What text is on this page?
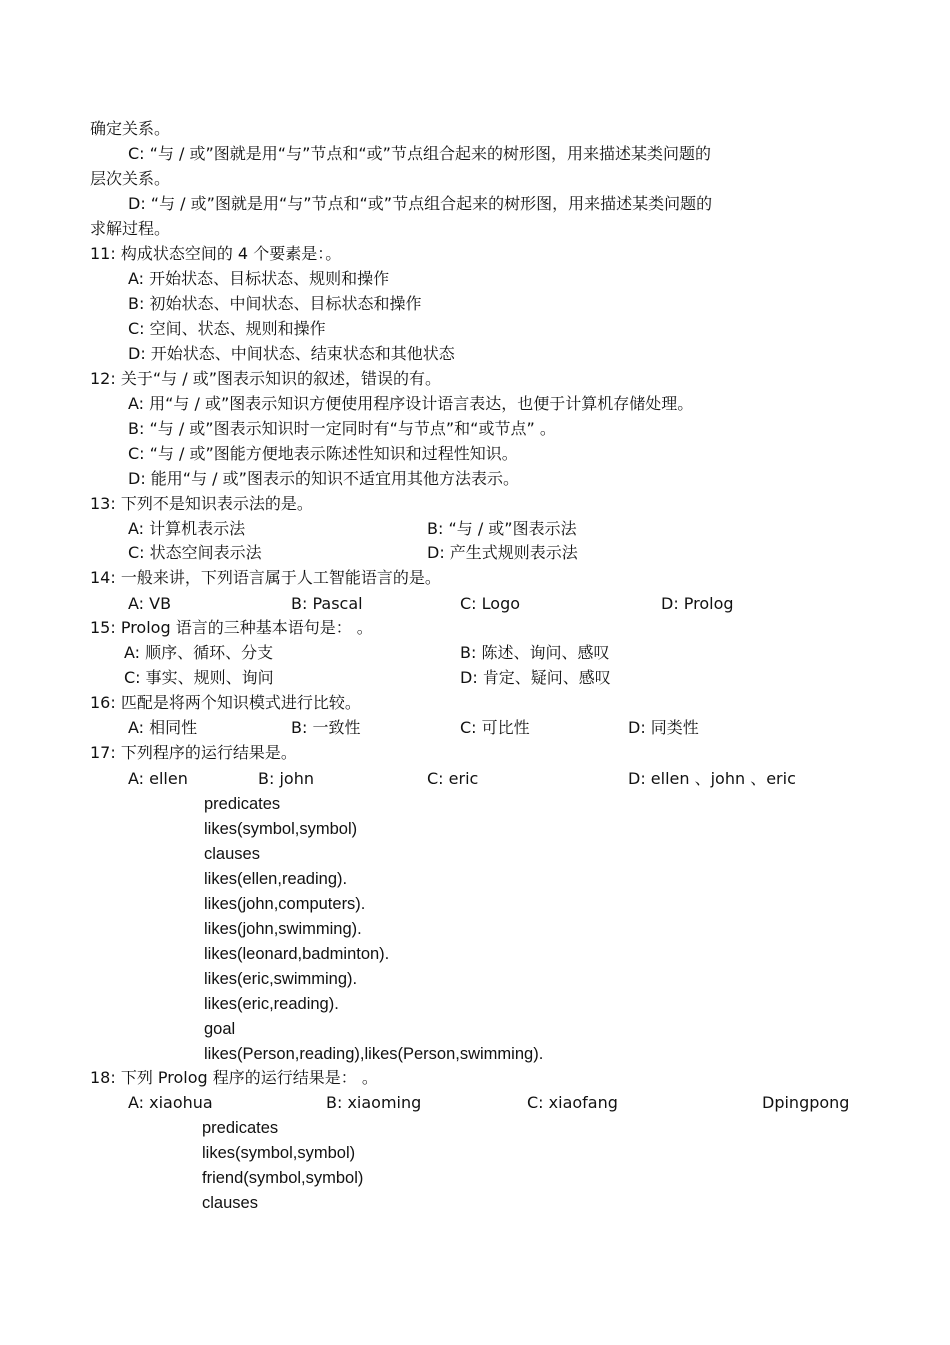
确定关系。
C: “与 / 或”图就是用“与”节点和“或”节点组合起来的树形图，用来描述某类问题的
层次关系。
D: “与 / 或”图就是用“与”节点和“或”节点组合起来的树形图，用来描述某类问题的
求解过程。
11: 构成状态空间的 4 个要素是：。
A: 开始状态、目标状态、规则和操作
B: 初始状态、中间状态、目标状态和操作
C: 空间、状态、规则和操作
D: 开始状态、中间状态、结束状态和其他状态
12: 关于“与 / 或”图表示知识的叙述，错误的有。
A: 用“与 / 或”图表示知识方便使用程序设计语言表达，也便于计算机存储处理。
B: “与 / 或”图表示知识时一定同时有“与节点”和“或节点” 。
C: “与 / 或”图能方便地表示陈述性知识和过程性知识。
D: 能用“与 / 或”图表示的知识不适宜用其他方法表示。
13: 下列不是知识表示法的是。
A: 计算机表示法	B: “与 / 或”图表示法
C: 状态空间表示法	D: 产生式规则表示法
14: 一般来讲，下列语言属于人工智能语言的是。
A: VB	B: Pascal	C: Logo	D: Prolog
15: Prolog 语言的三种基本语句是： 。
A: 顺序、循环、分支	B: 陈述、询问、感叹
C: 事实、规则、询问	D: 肯定、疑问、感叹
16: 匹配是将两个知识模式进行比较。
A: 相同性	B: 一致性	C: 可比性	D: 同类性
17: 下列程序的运行结果是。
A: ellen	B: john	C: eric	D: ellen 、john 、eric
predicates
likes(symbol,symbol)
clauses
likes(ellen,reading).
likes(john,computers).
likes(john,swimming).
likes(leonard,badminton).
likes(eric,swimming).
likes(eric,reading).
goal
likes(Person,reading),likes(Person,swimming).
18: 下列 Prolog 程序的运行结果是： 。
A: xiaohua	B: xiaoming	C: xiaofang	Dpingpong
predicates
likes(symbol,symbol)
friend(symbol,symbol)
clauses
